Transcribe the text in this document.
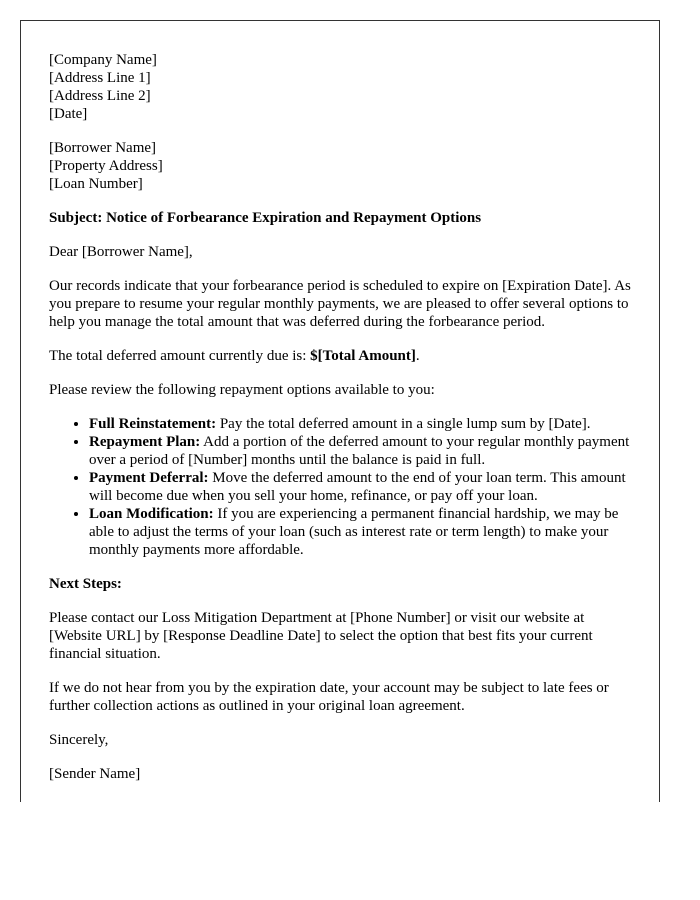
[Company Name]
[Address Line 1]
[Address Line 2]
[Date]
[Borrower Name]
[Property Address]
[Loan Number]

Subject: Notice of Forbearance Expiration and Repayment Options

Dear [Borrower Name],

Our records indicate that your forbearance period is scheduled to expire on [Expiration Date]. As you prepare to resume your regular monthly payments, we are pleased to offer several options to help you manage the total amount that was deferred during the forbearance period.

The total deferred amount currently due is: $[Total Amount].

Please review the following repayment options available to you:

• Full Reinstatement: Pay the total deferred amount in a single lump sum by [Date].
• Repayment Plan: Add a portion of the deferred amount to your regular monthly payment over a period of [Number] months until the balance is paid in full.
• Payment Deferral: Move the deferred amount to the end of your loan term. This amount will become due when you sell your home, refinance, or pay off your loan.
• Loan Modification: If you are experiencing a permanent financial hardship, we may be able to adjust the terms of your loan (such as interest rate or term length) to make your monthly payments more affordable.

Next Steps:

Please contact our Loss Mitigation Department at [Phone Number] or visit our website at [Website URL] by [Response Deadline Date] to select the option that best fits your current financial situation.

If we do not hear from you by the expiration date, your account may be subject to late fees or further collection actions as outlined in your original loan agreement.

Sincerely,

[Sender Name]
